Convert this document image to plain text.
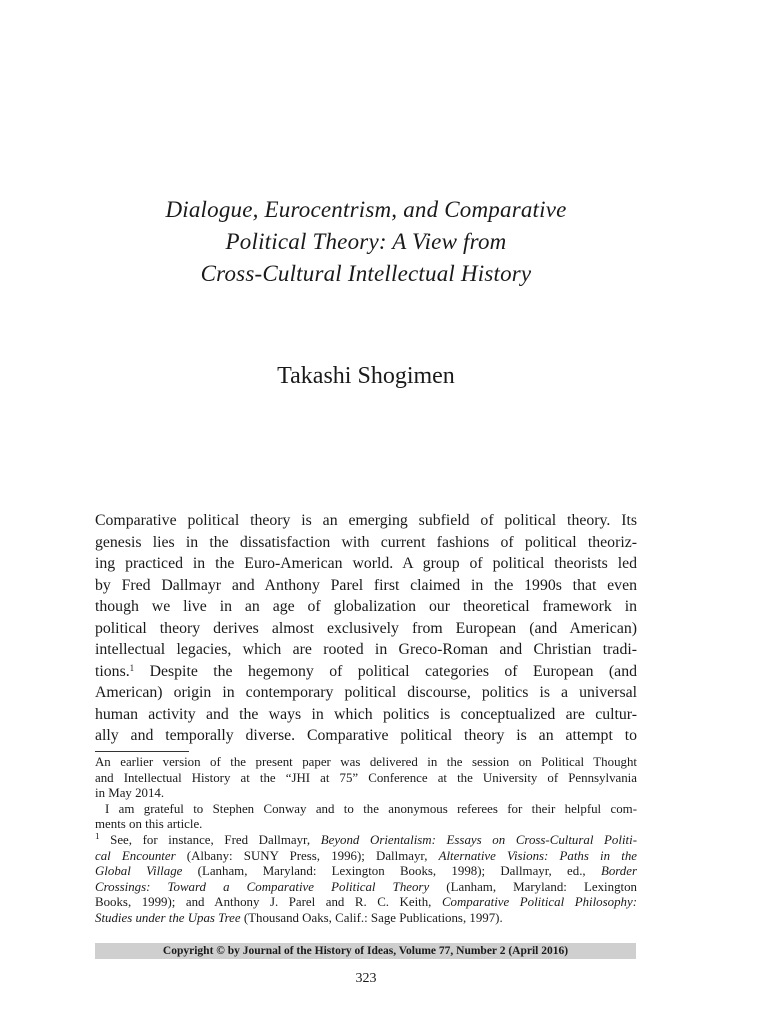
Dialogue, Eurocentrism, and Comparative
Political Theory: A View from
Cross-Cultural Intellectual History
Takashi Shogimen
Comparative political theory is an emerging subfield of political theory. Its
genesis lies in the dissatisfaction with current fashions of political theoriz-
ing practiced in the Euro-American world. A group of political theorists led
by Fred Dallmayr and Anthony Parel first claimed in the 1990s that even
though we live in an age of globalization our theoretical framework in
political theory derives almost exclusively from European (and American)
intellectual legacies, which are rooted in Greco-Roman and Christian tradi-
tions.$^1$ Despite the hegemony of political categories of European (and
American) origin in contemporary political discourse, politics is a universal
human activity and the ways in which politics is conceptualized are cultur-
ally and temporally diverse. Comparative political theory is an attempt to
An earlier version of the present paper was delivered in the session on Political Thought
and Intellectual History at the “JHI at 75” Conference at the University of Pennsylvania
in May 2014.
I am grateful to Stephen Conway and to the anonymous referees for their helpful com-
ments on this article.
$^1$ See, for instance, Fred Dallmayr, Beyond Orientalism: Essays on Cross-Cultural Politi-
cal Encounter (Albany: SUNY Press, 1996); Dallmayr, Alternative Visions: Paths in the
Global Village (Lanham, Maryland: Lexington Books, 1998); Dallmayr, ed., Border
Crossings: Toward a Comparative Political Theory (Lanham, Maryland: Lexington
Books, 1999); and Anthony J. Parel and R. C. Keith, Comparative Political Philosophy:
Studies under the Upas Tree (Thousand Oaks, Calif.: Sage Publications, 1997).
Copyright © by Journal of the History of Ideas, Volume 77, Number 2 (April 2016)
323
